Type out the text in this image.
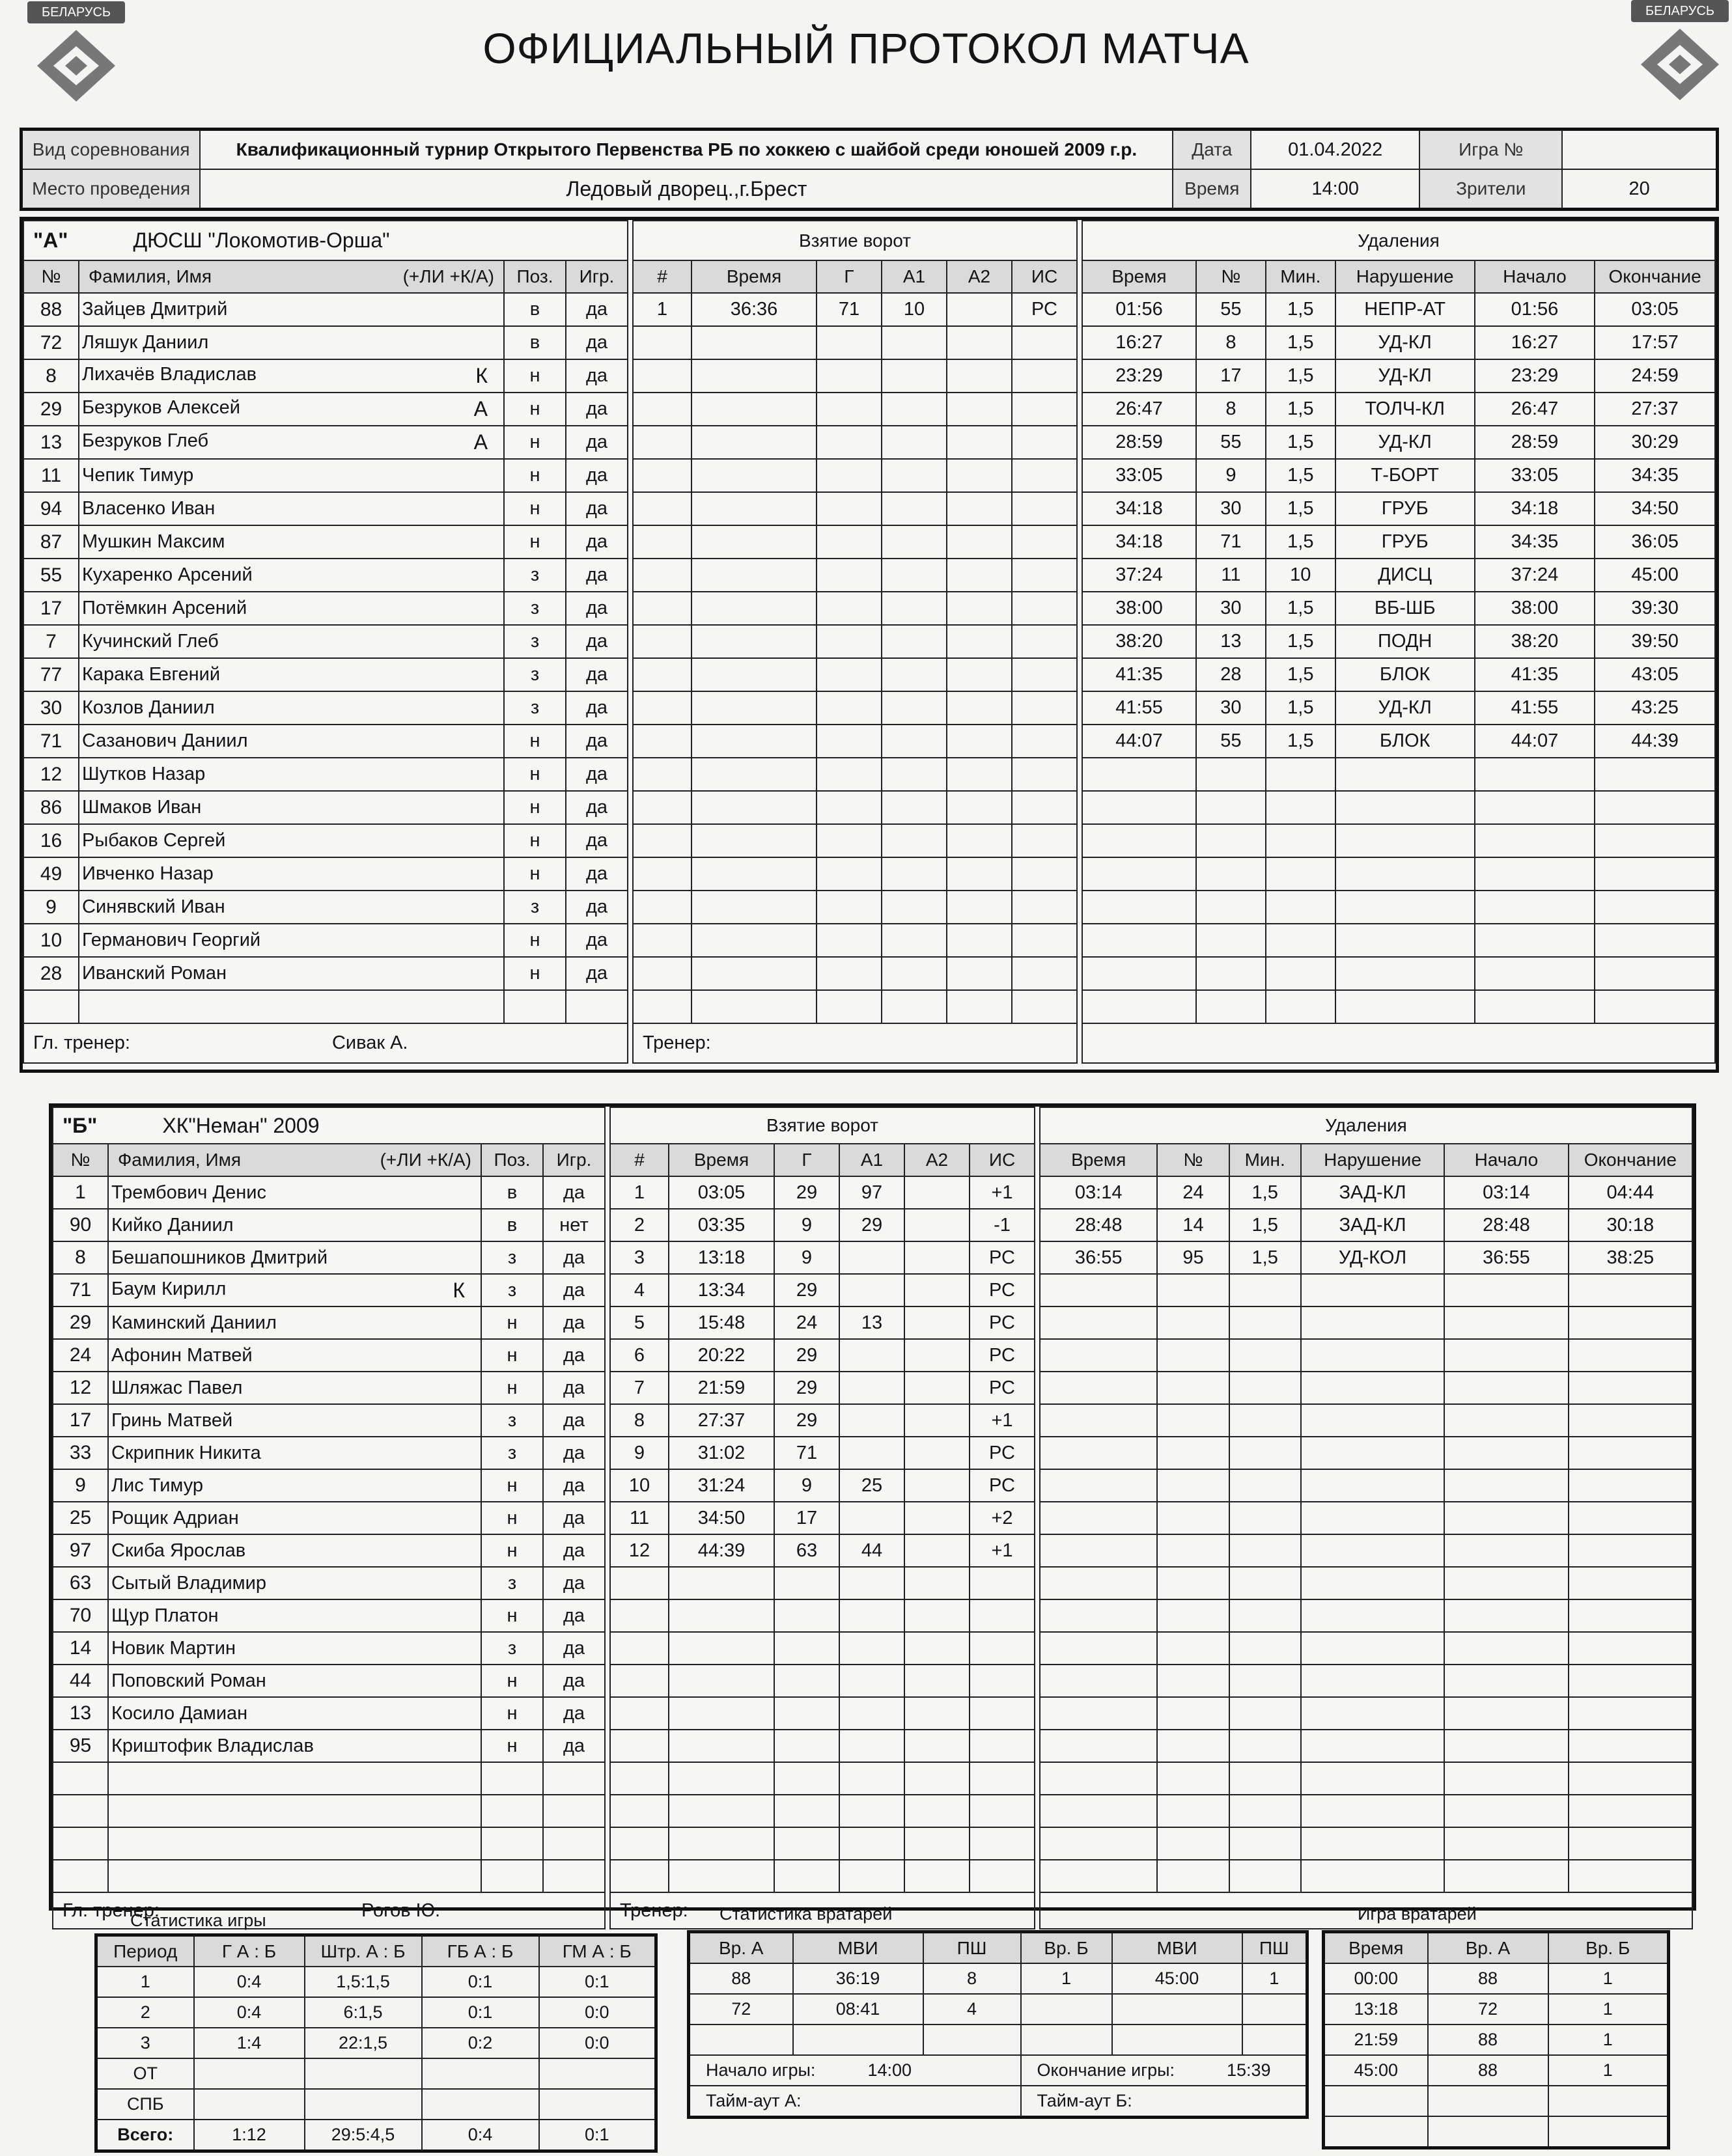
БЕЛАРУСЬ	БЕЛАРУСЬ
ОФИЦИАЛЬНЫЙ ПРОТОКОЛ МАТЧА
Вид соревнования	Квалификационный турнир Открытого Первенства РБ по хоккею с шайбой среди юношей 2009 г.р.	Дата	01.04.2022	Игра №	
Место проведения	Ледовый дворец.,г.Брест	Время	14:00	Зрители	20
"А" ДЮСШ "Локомотив-Орша"			
№	Фамилия, Имя (+ЛИ +К/А)	Поз.	Игр.
88	Зайцев Дмитрий	в	да
72	Ляшук Даниил	в	да
8	Лихачёв Владислав К	н	да
29	Безруков Алексей А	н	да
13	Безруков Глеб А	н	да
11	Чепик Тимур	н	да
94	Власенко Иван	н	да
87	Мушкин Максим	н	да
55	Кухаренко Арсений	з	да
17	Потёмкин Арсений	з	да
7	Кучинский Глеб	з	да
77	Карака Евгений	з	да
30	Козлов Даниил	з	да
71	Сазанович Даниил	н	да
12	Шутков Назар	н	да
86	Шмаков Иван	н	да
16	Рыбаков Сергей	н	да
49	Ивченко Назар	н	да
9	Синявский Иван	з	да
10	Германович Георгий	н	да
28	Иванский Роман	н	да

Гл. тренер: Сивак А.			
Взятие ворот					
#	Время	Г	А1	А2	ИС
1	36:36	71	10		РС

Тренер:					
Удаления					
Время	№	Мин.	Нарушение	Начало	Окончание
01:56	55	1,5	НЕПР-АТ	01:56	03:05
16:27	8	1,5	УД-КЛ	16:27	17:57
23:29	17	1,5	УД-КЛ	23:29	24:59
26:47	8	1,5	ТОЛЧ-КЛ	26:47	27:37
28:59	55	1,5	УД-КЛ	28:59	30:29
33:05	9	1,5	Т-БОРТ	33:05	34:35
34:18	30	1,5	ГРУБ	34:18	34:50
34:18	71	1,5	ГРУБ	34:35	36:05
37:24	11	10	ДИСЦ	37:24	45:00
38:00	30	1,5	ВБ-ШБ	38:00	39:30
38:20	13	1,5	ПОДН	38:20	39:50
41:35	28	1,5	БЛОК	41:35	43:05
41:55	30	1,5	УД-КЛ	41:55	43:25
44:07	55	1,5	БЛОК	44:07	44:39

"Б" ХК"Неман" 2009			
№	Фамилия, Имя (+ЛИ +К/А)	Поз.	Игр.
1	Трембович Денис	в	да
90	Кийко Даниил	в	нет
8	Бешапошников Дмитрий	з	да
71	Баум Кирилл К	з	да
29	Каминский Даниил	н	да
24	Афонин Матвей	н	да
12	Шляжас Павел	н	да
17	Гринь Матвей	з	да
33	Скрипник Никита	з	да
9	Лис Тимур	н	да
25	Рощик Адриан	н	да
97	Скиба Ярослав	н	да
63	Сытый Владимир	з	да
70	Щур Платон	н	да
14	Новик Мартин	з	да
44	Поповский Роман	н	да
13	Косило Дамиан	н	да
95	Криштофик Владислав	н	да

Гл. тренер: Рогов Ю.			
Взятие ворот					
#	Время	Г	А1	А2	ИС
1	03:05	29	97		+1
2	03:35	9	29		-1
3	13:18	9			РС
4	13:34	29			РС
5	15:48	24	13		РС
6	20:22	29			РС
7	21:59	29			РС
8	27:37	29			+1
9	31:02	71			РС
10	31:24	9	25		РС
11	34:50	17			+2
12	44:39	63	44		+1

Тренер:					
Удаления					
Время	№	Мин.	Нарушение	Начало	Окончание
03:14	24	1,5	ЗАД-КЛ	03:14	04:44
28:48	14	1,5	ЗАД-КЛ	28:48	30:18
36:55	95	1,5	УД-КОЛ	36:55	38:25

Статистика игры	Статистика вратарей	Игра вратарей
Период	Г А : Б	Штр. А : Б	ГБ А : Б	ГМ А : Б
1	0:4	1,5:1,5	0:1	0:1
2	0:4	6:1,5	0:1	0:0
3	1:4	22:1,5	0:2	0:0
ОТ				
СПБ				
Всего:	1:12	29:5:4,5	0:4	0:1
Вр. А	МВИ	ПШ	Вр. Б	МВИ	ПШ
88	36:19	8	1	45:00	1
72	08:41	4			

Начало игры: 14:00			Окончание игры: 15:39		
Тайм-аут А:			Тайм-аут Б:		
Время	Вр. А	Вр. Б
00:00	88	1
13:18	72	1
21:59	88	1
45:00	88	1
